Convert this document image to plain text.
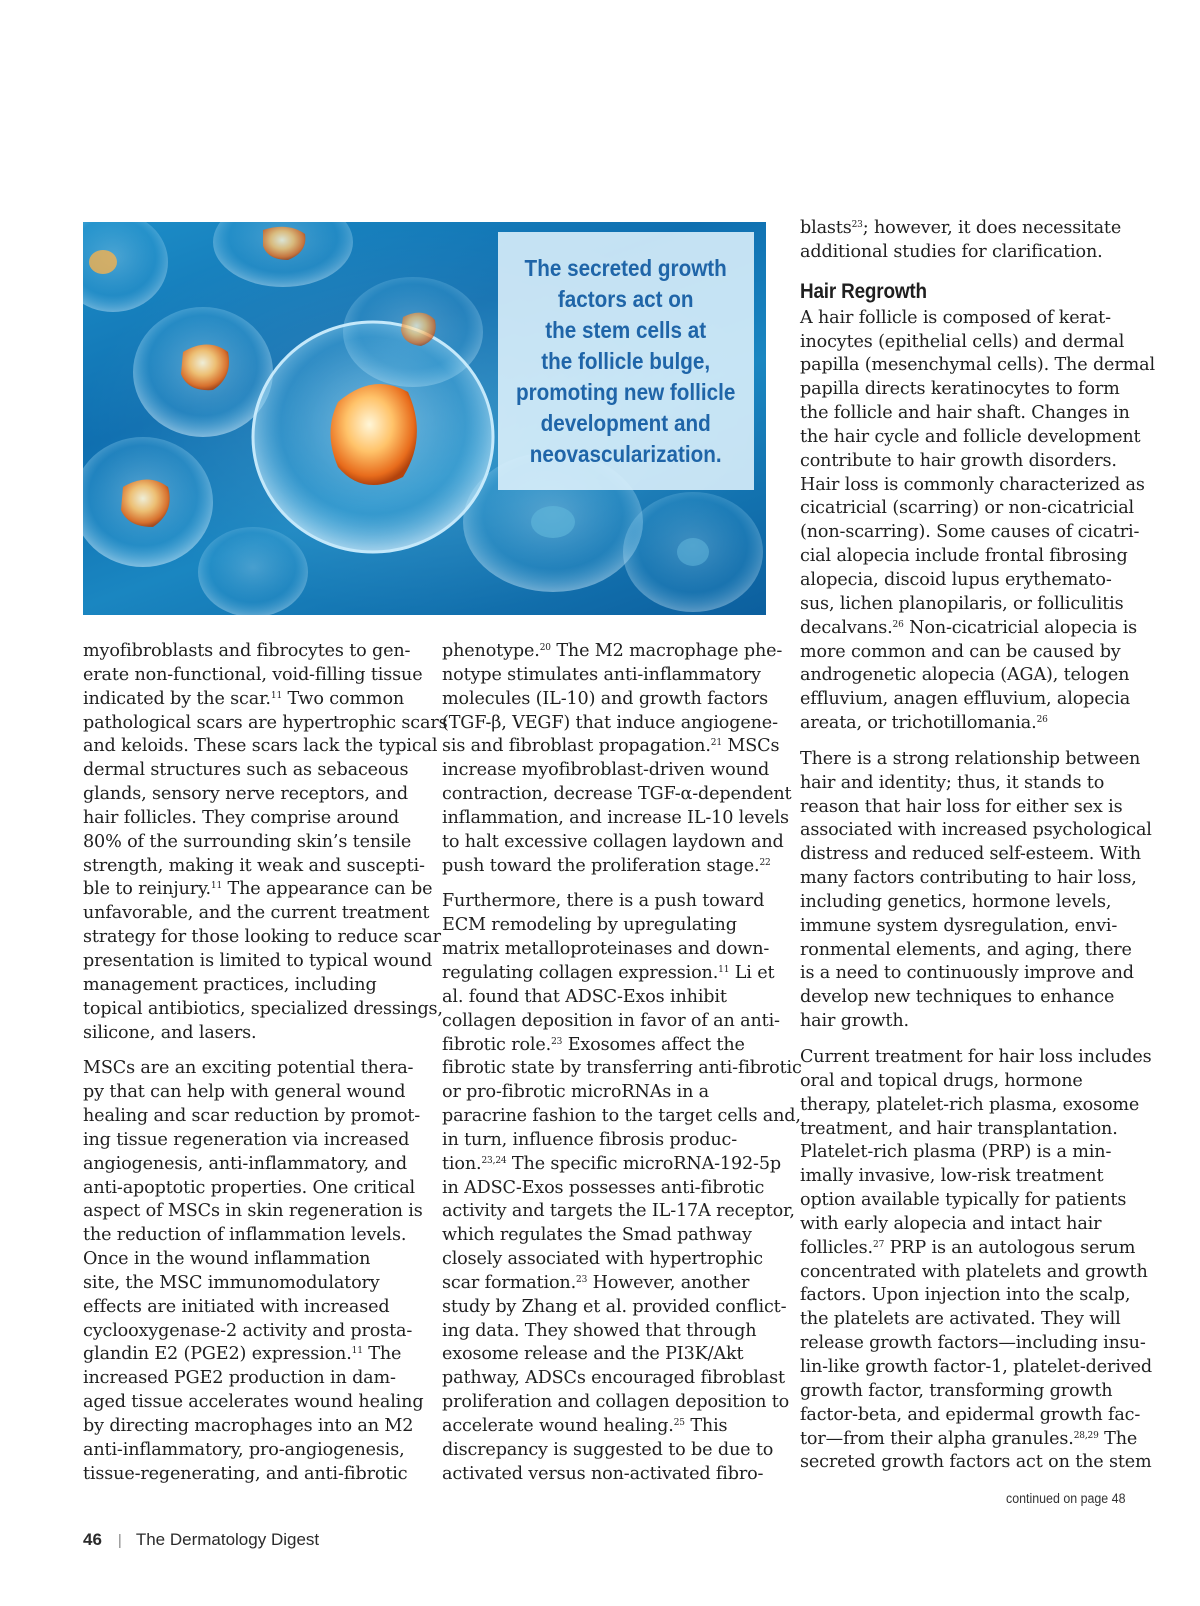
The secreted growth
factors act on
the stem cells at
the follicle bulge,
promoting new follicle
development and
neovascularization.

myofibroblasts and fibrocytes to gen-
erate non-functional, void-filling tissue
indicated by the scar.$^{11}$ Two common
pathological scars are hypertrophic scars
and keloids. These scars lack the typical
dermal structures such as sebaceous
glands, sensory nerve receptors, and
hair follicles. They comprise around
80% of the surrounding skin’s tensile
strength, making it weak and suscepti-
ble to reinjury.$^{11}$ The appearance can be
unfavorable, and the current treatment
strategy for those looking to reduce scar
presentation is limited to typical wound
management practices, including
topical antibiotics, specialized dressings,
silicone, and lasers.

MSCs are an exciting potential thera-
py that can help with general wound
healing and scar reduction by promot-
ing tissue regeneration via increased
angiogenesis, anti-inflammatory, and
anti-apoptotic properties. One critical
aspect of MSCs in skin regeneration is
the reduction of inflammation levels.
Once in the wound inflammation
site, the MSC immunomodulatory
effects are initiated with increased
cyclooxygenase-2 activity and prosta-
glandin E2 (PGE2) expression.$^{11}$ The
increased PGE2 production in dam-
aged tissue accelerates wound healing
by directing macrophages into an M2
anti-inflammatory, pro-angiogenesis,
tissue-regenerating, and anti-fibrotic

phenotype.$^{20}$ The M2 macrophage phe-
notype stimulates anti-inflammatory
molecules (IL-10) and growth factors
(TGF-β, VEGF) that induce angiogene-
sis and fibroblast propagation.$^{21}$ MSCs
increase myofibroblast-driven wound
contraction, decrease TGF-α-dependent
inflammation, and increase IL-10 levels
to halt excessive collagen laydown and
push toward the proliferation stage.$^{22}$

Furthermore, there is a push toward
ECM remodeling by upregulating
matrix metalloproteinases and down-
regulating collagen expression.$^{11}$ Li et
al. found that ADSC-Exos inhibit
collagen deposition in favor of an anti-
fibrotic role.$^{23}$ Exosomes affect the
fibrotic state by transferring anti-fibrotic
or pro-fibrotic microRNAs in a
paracrine fashion to the target cells and,
in turn, influence fibrosis produc-
tion.$^{23,24}$ The specific microRNA-192-5p
in ADSC-Exos possesses anti-fibrotic
activity and targets the IL-17A receptor,
which regulates the Smad pathway
closely associated with hypertrophic
scar formation.$^{23}$ However, another
study by Zhang et al. provided conflict-
ing data. They showed that through
exosome release and the PI3K/Akt
pathway, ADSCs encouraged fibroblast
proliferation and collagen deposition to
accelerate wound healing.$^{25}$ This
discrepancy is suggested to be due to
activated versus non-activated fibro-

blasts$^{23}$; however, it does necessitate
additional studies for clarification.

Hair Regrowth

A hair follicle is composed of kerat-
inocytes (epithelial cells) and dermal
papilla (mesenchymal cells). The dermal
papilla directs keratinocytes to form
the follicle and hair shaft. Changes in
the hair cycle and follicle development
contribute to hair growth disorders.
Hair loss is commonly characterized as
cicatricial (scarring) or non-cicatricial
(non-scarring). Some causes of cicatri-
cial alopecia include frontal fibrosing
alopecia, discoid lupus erythemato-
sus, lichen planopilaris, or folliculitis
decalvans.$^{26}$ Non-cicatricial alopecia is
more common and can be caused by
androgenetic alopecia (AGA), telogen
effluvium, anagen effluvium, alopecia
areata, or trichotillomania.$^{26}$

There is a strong relationship between
hair and identity; thus, it stands to
reason that hair loss for either sex is
associated with increased psychological
distress and reduced self-esteem. With
many factors contributing to hair loss,
including genetics, hormone levels,
immune system dysregulation, envi-
ronmental elements, and aging, there
is a need to continuously improve and
develop new techniques to enhance
hair growth.

Current treatment for hair loss includes
oral and topical drugs, hormone
therapy, platelet-rich plasma, exosome
treatment, and hair transplantation.
Platelet-rich plasma (PRP) is a min-
imally invasive, low-risk treatment
option available typically for patients
with early alopecia and intact hair
follicles.$^{27}$ PRP is an autologous serum
concentrated with platelets and growth
factors. Upon injection into the scalp,
the platelets are activated. They will
release growth factors—including insu-
lin-like growth factor-1, platelet-derived
growth factor, transforming growth
factor-beta, and epidermal growth fac-
tor—from their alpha granules.$^{28,29}$ The
secreted growth factors act on the stem

continued on page 48
46 | The Dermatology Digest
